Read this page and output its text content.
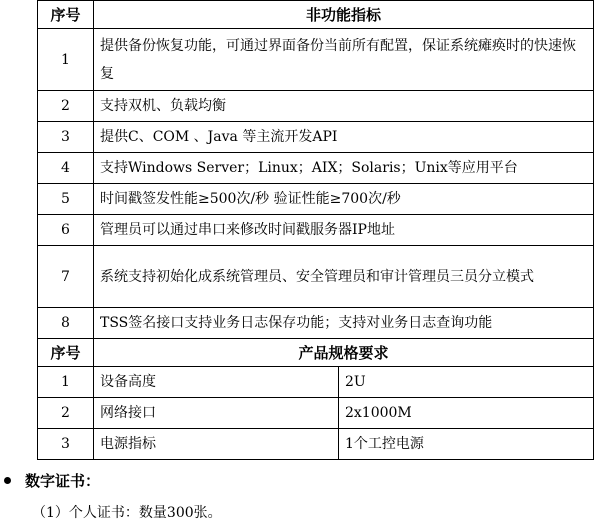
序号	非功能指标	
1	提供备份恢复功能，可通过界面备份当前所有配置，保证系统瘫痪时的快速恢复	
2	支持双机、负载均衡	
3	提供C、COM 、Java 等主流开发API	
4	支持Windows Server；Linux；AIX；Solaris；Unix等应用平台	
5	时间戳签发性能≥500次/秒 验证性能≥700次/秒	
6	管理员可以通过串口来修改时间戳服务器IP地址	
7	系统支持初始化成系统管理员、安全管理员和审计管理员三员分立模式	
8	TSS签名接口支持业务日志保存功能；支持对业务日志查询功能	
序号	产品规格要求	
1	设备高度	2U
2	网络接口	2x1000M
3	电源指标	1个工控电源
数字证书：
（1）个人证书：数量300张。
